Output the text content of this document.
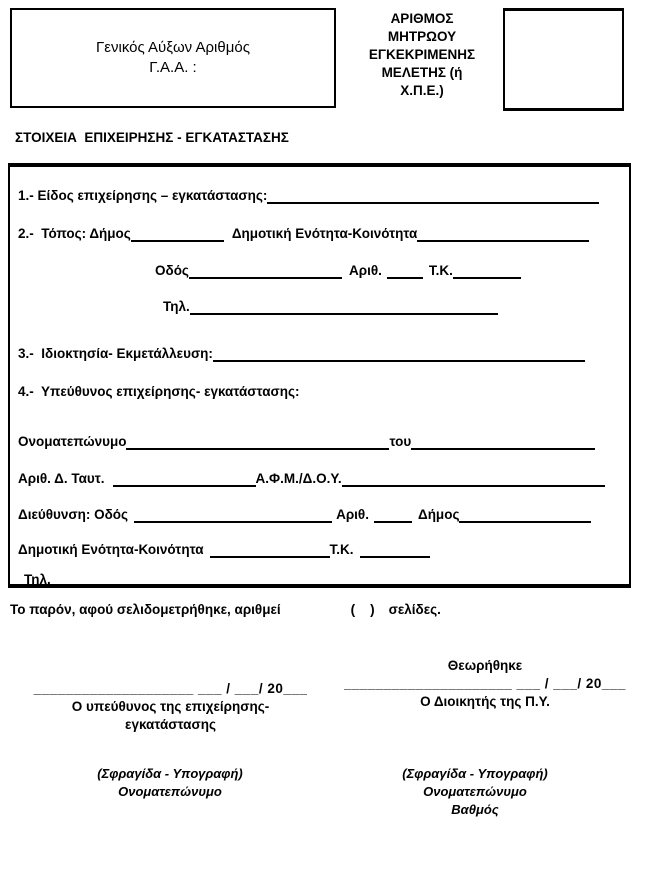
Γενικός Αύξων Αριθμός
Γ.Α.Α. :
ΑΡΙΘΜΟΣ
ΜΗΤΡΩΟΥ
ΕΓΚΕΚΡΙΜΕΝΗΣ
ΜΕΛΕΤΗΣ (ή
Χ.Π.Ε.)
ΣΤΟΙΧΕΙΑ  ΕΠΙΧΕΙΡΗΣΗΣ - ΕΓΚΑΤΑΣΤΑΣΗΣ
1.- Είδος επιχείρησης – εγκατάστασης:
2.-  Τόπος: Δήμος	Δημοτική Ενότητα-Κοινότητα
Οδός	Αριθ.	Τ.Κ.
Τηλ.
3.-  Ιδιοκτησία- Εκμετάλλευση:
4.-  Υπεύθυνος επιχείρησης- εγκατάστασης:
Ονοματεπώνυμο	του
Αριθ. Δ. Ταυτ.	Α.Φ.Μ./Δ.Ο.Υ.
Διεύθυνση: Οδός	Αριθ.	Δήμος
Δημοτική Ενότητα-Κοινότητα	Τ.Κ.
Τηλ.
Το παρόν, αφού σελιδομετρήθηκε, αριθμεί	(    ) σελίδες.
____________________ ___ / ___/ 20___
Ο υπεύθυνος της επιχείρησης-
εγκατάστασης
Θεωρήθηκε
_____________________ ___ / ___/ 20___
Ο Διοικητής της Π.Υ.
(Σφραγίδα - Υπογραφή)
Ονοματεπώνυμο
(Σφραγίδα - Υπογραφή)
Ονοματεπώνυμο
Βαθμός
